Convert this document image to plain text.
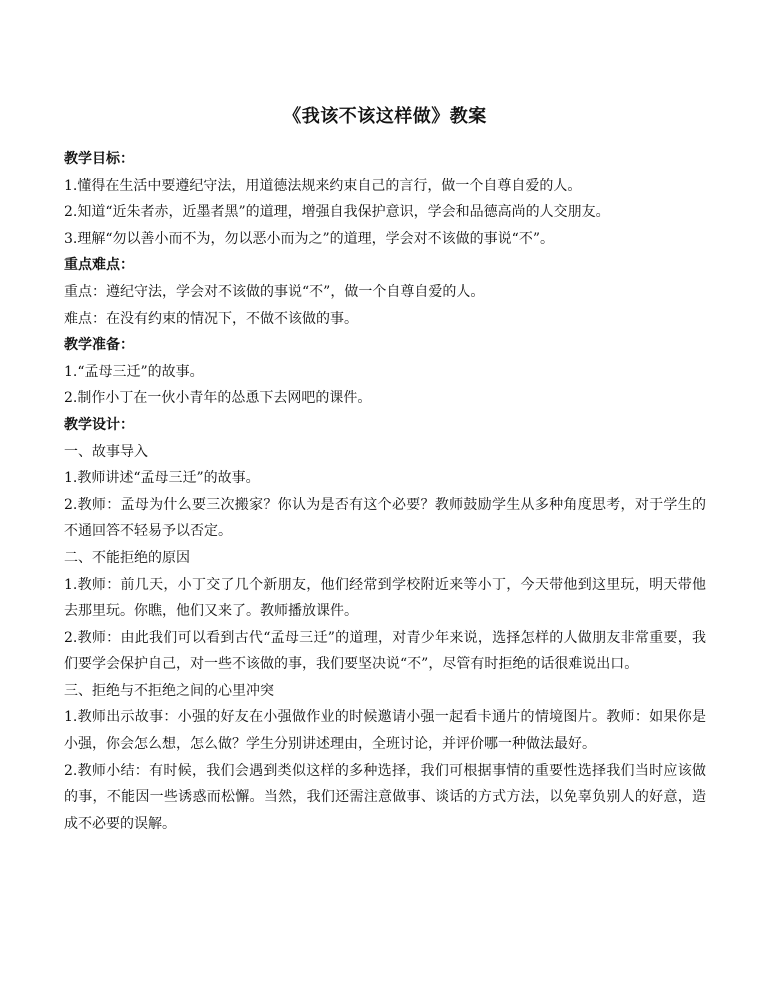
《我该不该这样做》教案

教学目标：

1.懂得在生活中要遵纪守法，用道德法规来约束自己的言行，做一个自尊自爱的人。

2.知道“近朱者赤，近墨者黑”的道理，增强自我保护意识，学会和品德高尚的人交朋友。

3.理解“勿以善小而不为，勿以恶小而为之”的道理，学会对不该做的事说“不”。

重点难点：

重点：遵纪守法，学会对不该做的事说“不”，做一个自尊自爱的人。

难点：在没有约束的情况下，不做不该做的事。

教学准备：

1.“孟母三迁”的故事。

2.制作小丁在一伙小青年的怂恿下去网吧的课件。

教学设计：

一、故事导入

1.教师讲述“孟母三迁”的故事。

2.教师：孟母为什么要三次搬家？你认为是否有这个必要？教师鼓励学生从多种角度思考，对于学生的不通回答不轻易予以否定。

二、不能拒绝的原因

1.教师：前几天，小丁交了几个新朋友，他们经常到学校附近来等小丁，今天带他到这里玩，明天带他去那里玩。你瞧，他们又来了。教师播放课件。

2.教师：由此我们可以看到古代“孟母三迁”的道理，对青少年来说，选择怎样的人做朋友非常重要，我们要学会保护自己，对一些不该做的事，我们要坚决说“不”，尽管有时拒绝的话很难说出口。

三、拒绝与不拒绝之间的心里冲突

1.教师出示故事：小强的好友在小强做作业的时候邀请小强一起看卡通片的情境图片。教师：如果你是小强，你会怎么想，怎么做？学生分别讲述理由，全班讨论，并评价哪一种做法最好。

2.教师小结：有时候，我们会遇到类似这样的多种选择，我们可根据事情的重要性选择我们当时应该做的事，不能因一些诱惑而松懈。当然，我们还需注意做事、谈话的方式方法，以免辜负别人的好意，造成不必要的误解。
